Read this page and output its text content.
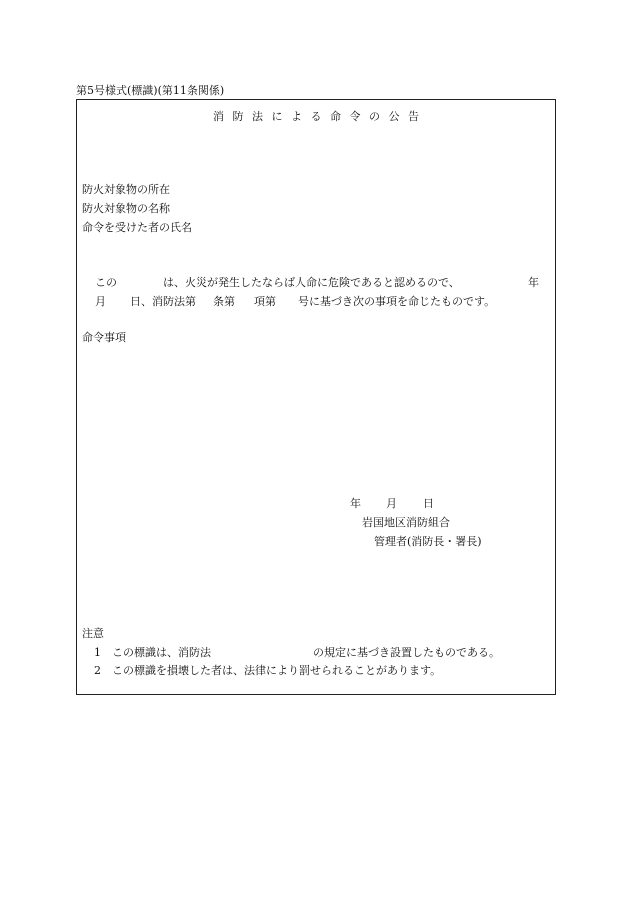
第5号様式(標識)(第11条関係)
消防法による命令の公告
防火対象物の所在
防火対象物の名称
命令を受けた者の氏名
この	は、火災が発生したならば人命に危険であると認めるので、	年
月 日、消防法第 条第 項第 号に基づき次の事項を命じたものです。
命令事項
年 月 日
岩国地区消防組合
管理者(消防長・署長)
注意
1 この標識は、消防法	の規定に基づき設置したものである。
2 この標識を損壊した者は、法律により罰せられることがあります。
